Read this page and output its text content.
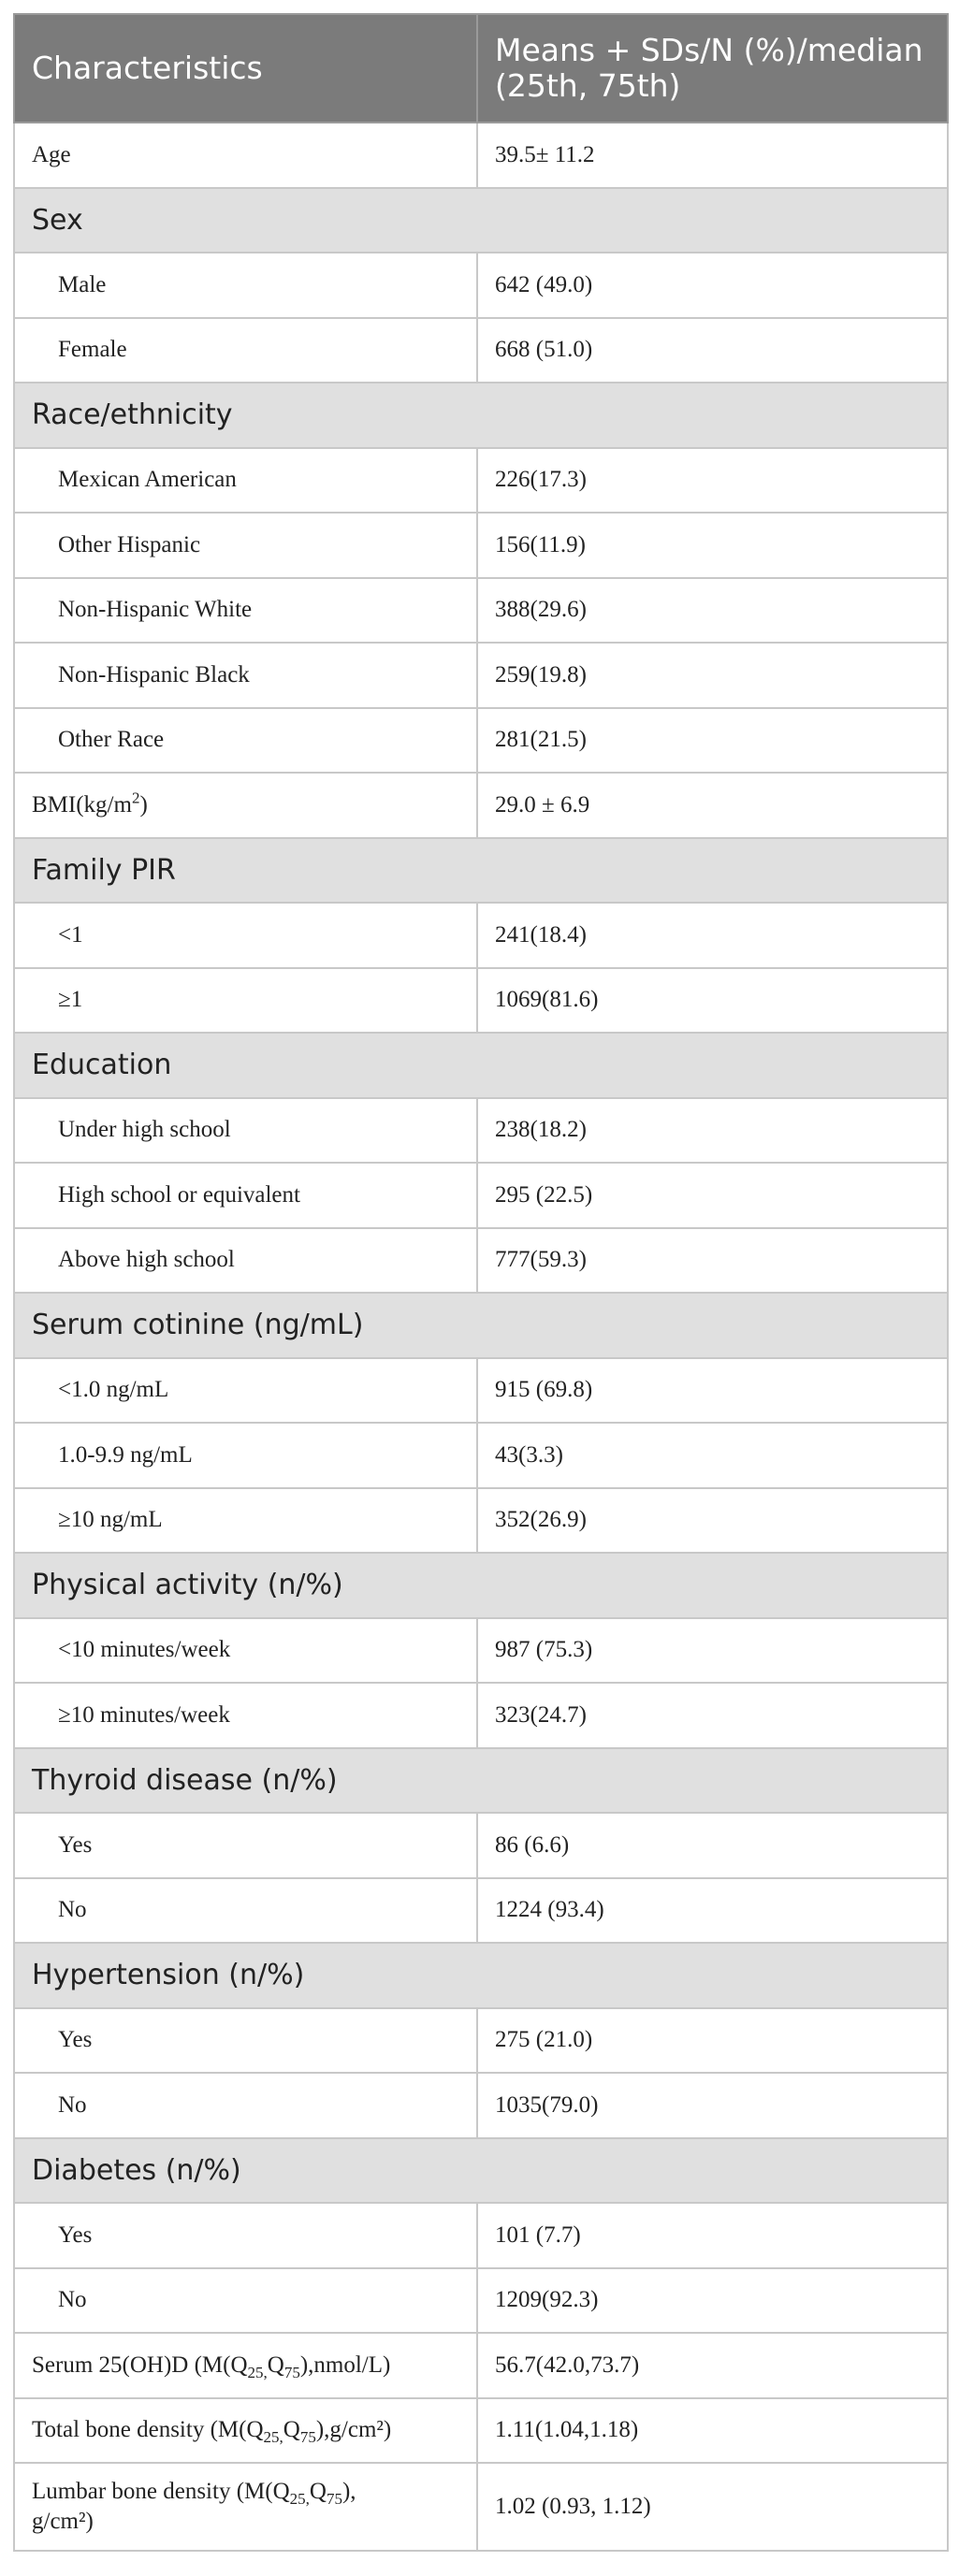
Characteristics	Means + SDs/N (%)/median
(25th, 75th)
Age	39.5± 11.2
Sex	
Male	642 (49.0)
Female	668 (51.0)
Race/ethnicity	
Mexican American	226(17.3)
Other Hispanic	156(11.9)
Non-Hispanic White	388(29.6)
Non-Hispanic Black	259(19.8)
Other Race	281(21.5)
$BMI(kg/m^2)$	29.0 ± 6.9
Family PIR	
<1	241(18.4)
≥1	1069(81.6)
Education	
Under high school	238(18.2)
High school or equivalent	295 (22.5)
Above high school	777(59.3)
Serum cotinine (ng/mL)	
<1.0 ng/mL	915 (69.8)
1.0-9.9 ng/mL	43(3.3)
≥10 ng/mL	352(26.9)
Physical activity (n/%)	
<10 minutes/week	987 (75.3)
≥10 minutes/week	323(24.7)
Thyroid disease (n/%)	
Yes	86 (6.6)
No	1224 (93.4)
Hypertension (n/%)	
Yes	275 (21.0)
No	1035(79.0)
Diabetes (n/%)	
Yes	101 (7.7)
No	1209(92.3)
Serum 25(OH)D $(M(Q_{25,}Q_{75}),nmol/L)$	56.7(42.0,73.7)
Total bone density $(M(Q_{25,}Q_{75}),g/cm^2)$	1.11(1.04,1.18)
Lumbar bone density ($M(Q_{25,}Q_{75})$,
g/cm²)	1.02 (0.93, 1.12)
